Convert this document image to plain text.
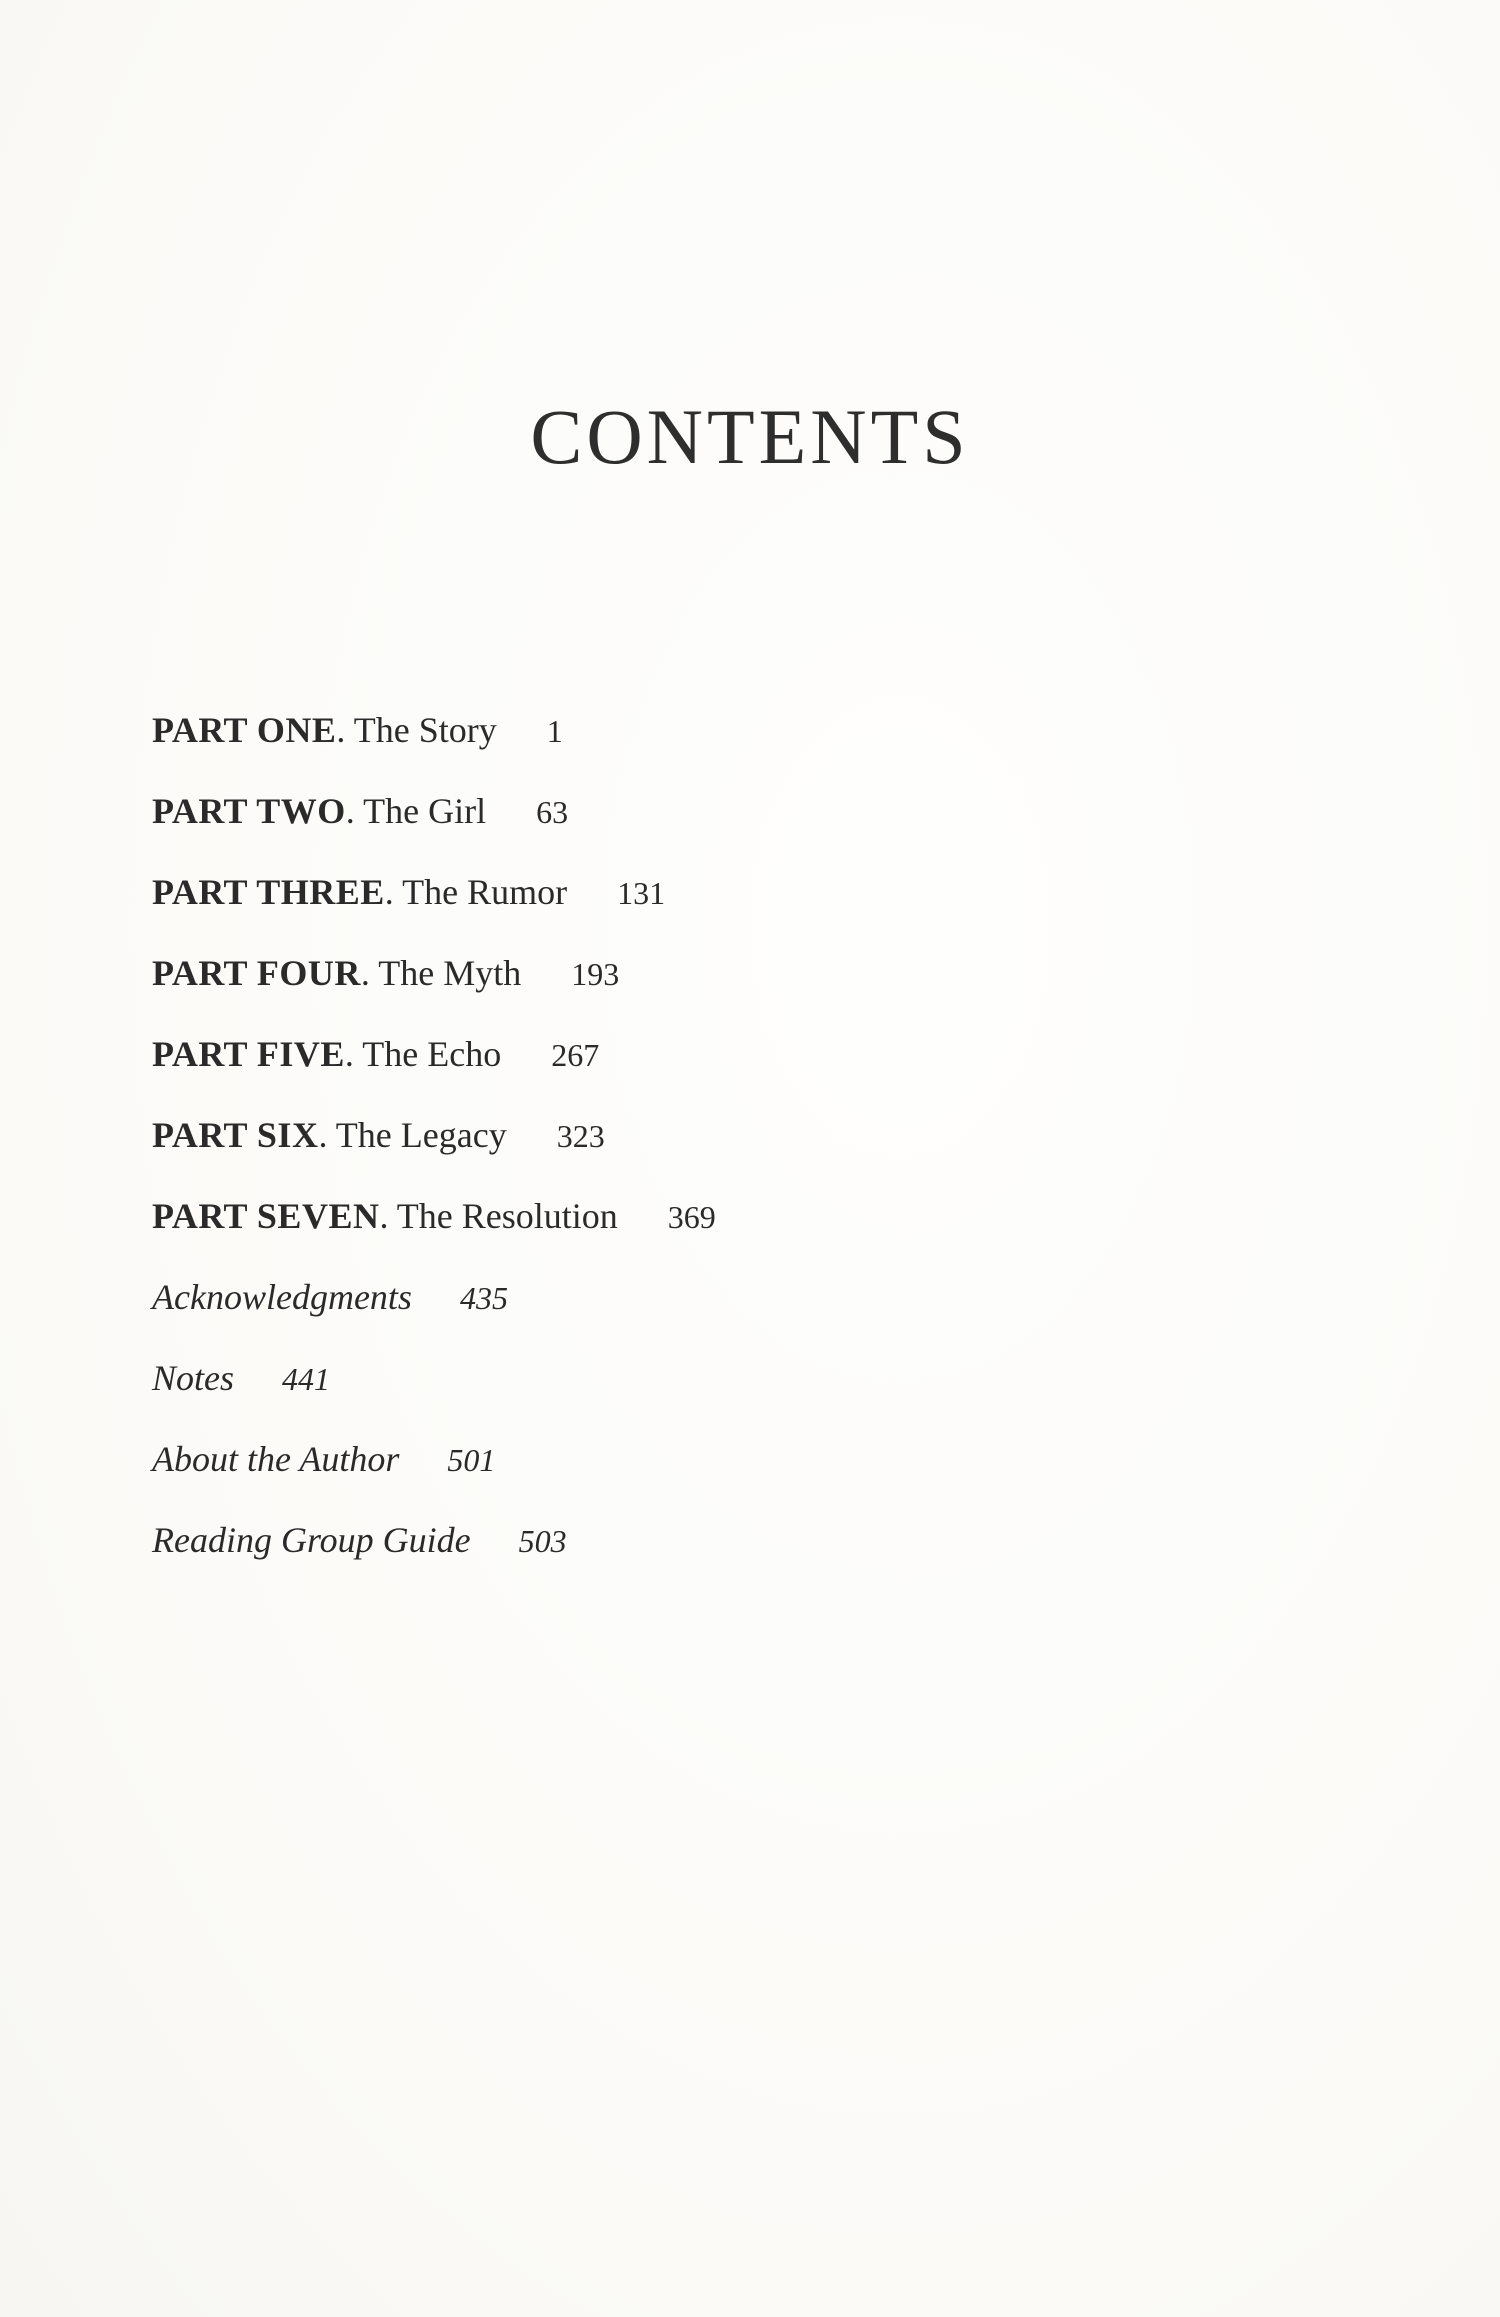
CONTENTS
PART ONE. The Story 1
PART TWO. The Girl 63
PART THREE. The Rumor 131
PART FOUR. The Myth 193
PART FIVE. The Echo 267
PART SIX. The Legacy 323
PART SEVEN. The Resolution 369
Acknowledgments 435
Notes 441
About the Author 501
Reading Group Guide 503
